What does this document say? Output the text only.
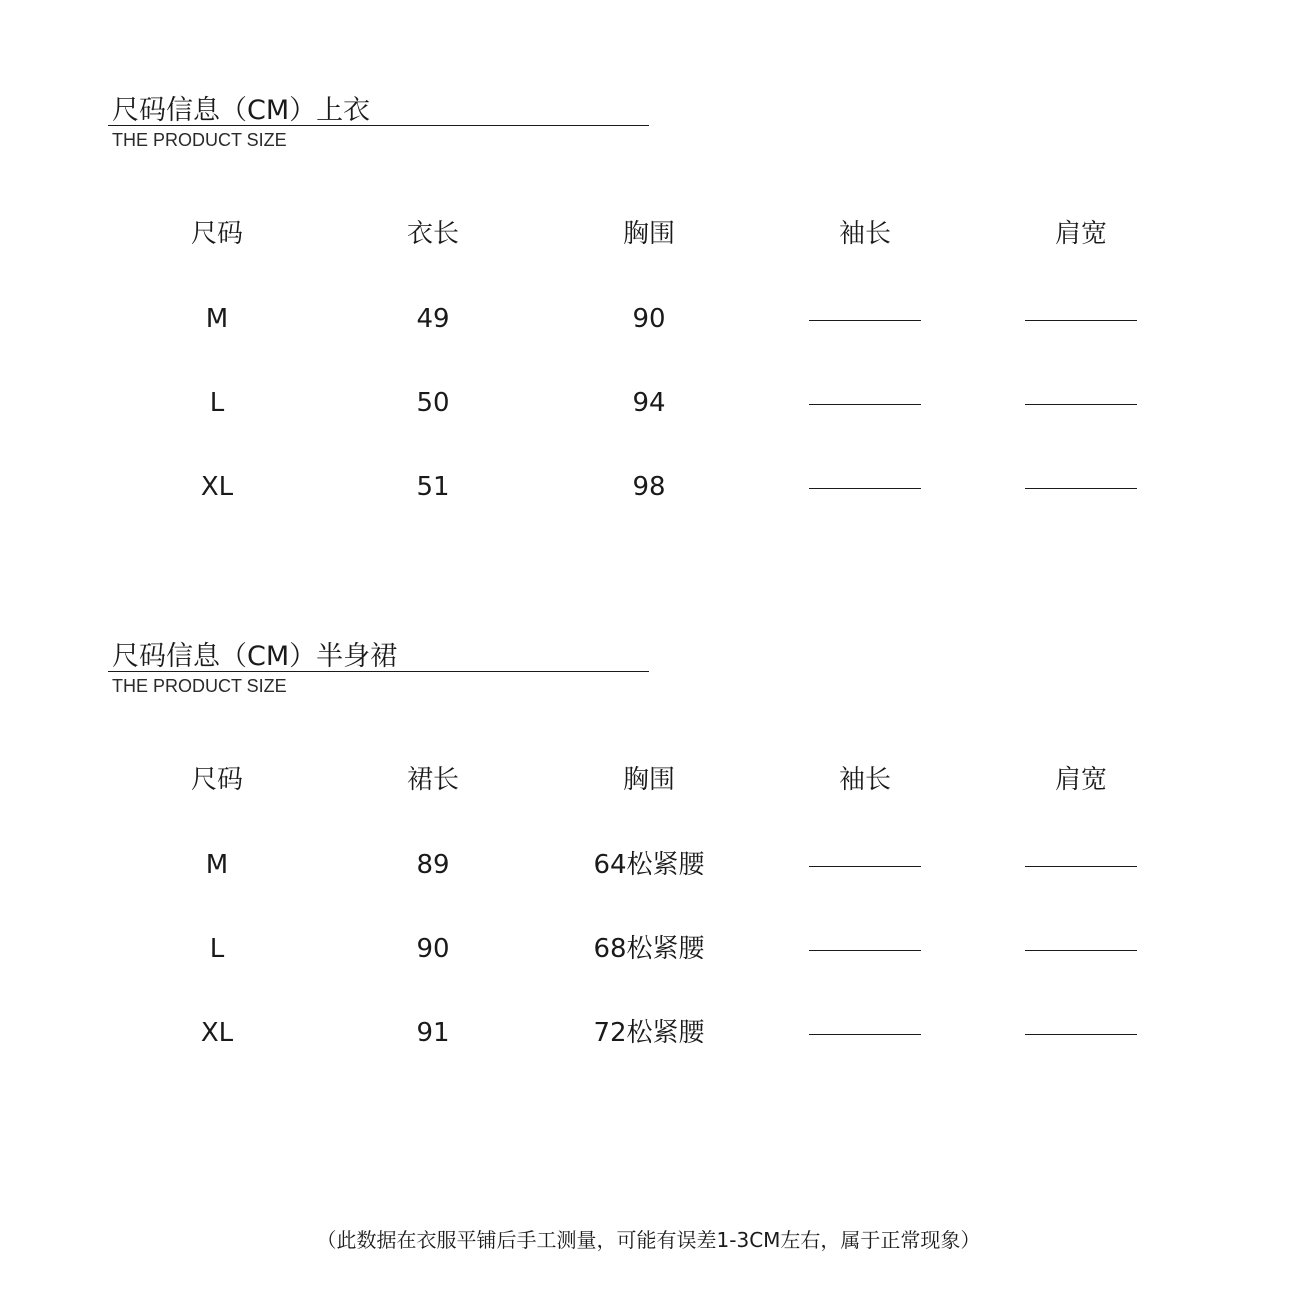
尺码信息（CM）上衣
THE PRODUCT SIZE
尺码	衣长	胸围	袖长	肩宽
M	49	90
L	50	94
XL	51	98
尺码信息（CM）半身裙
THE PRODUCT SIZE
尺码	裙长	胸围	袖长	肩宽
M	89	64松紧腰
L	90	68松紧腰
XL	91	72松紧腰
（此数据在衣服平铺后手工测量，可能有误差1-3CM左右，属于正常现象）
